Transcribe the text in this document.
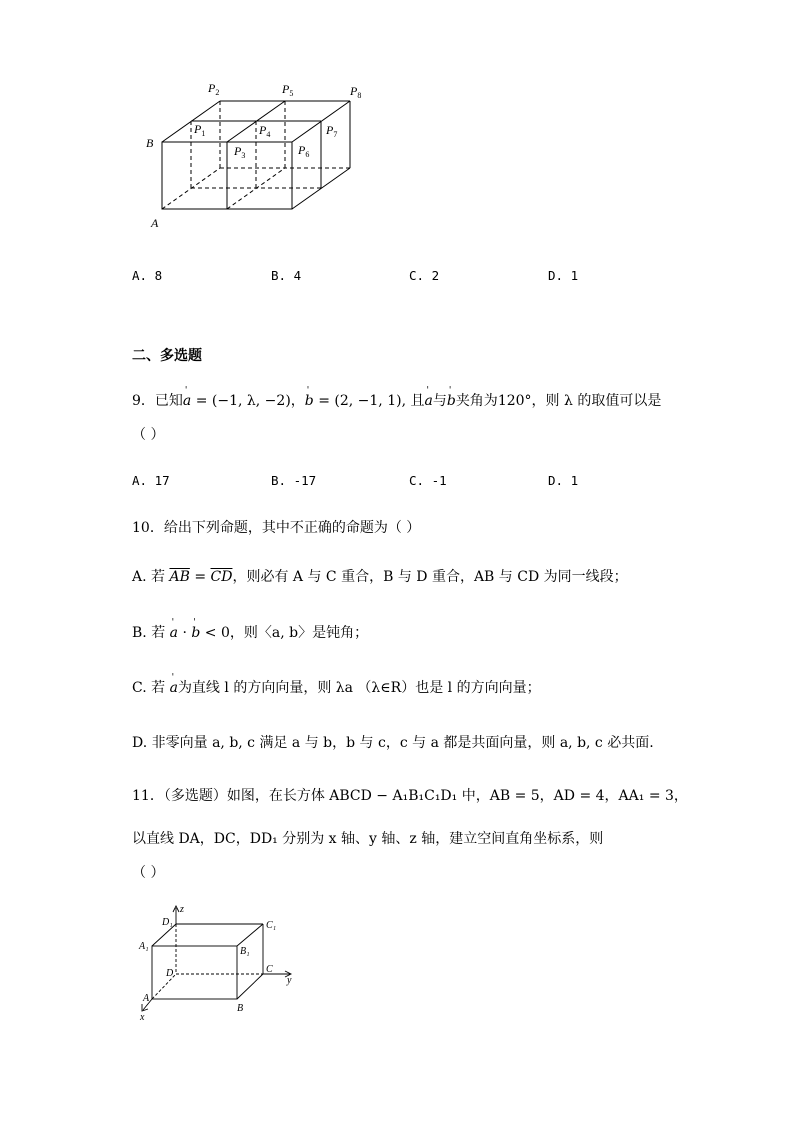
B
A
$P_2$	$P_5$	$P_8$
$P_1$	$P_4$	$P_7$
$P_3$	$P_6$
A. 8	B. 4	C. 2	D. 1
二、多选题
9．已知' a = (−1, λ, −2)，' b = (2, −1, 1), 且' a与' b夹角为120°，则 λ 的取值可以是
（ ）
A. 17	B. -17	C. -1	D. 1
10．给出下列命题，其中不正确的命题为（ ）
A. 若 $\overline{AB} = \overline{CD}$，则必有 A 与 C 重合，B 与 D 重合，AB 与 CD 为同一线段；
B. 若 ' a · ' b < 0，则〈a, b〉是钝角；
C. 若 ' a为直线 l 的方向向量，则 λa （λ∈R）也是 l 的方向向量；
D. 非零向量 a, b, c 满足 a 与 b，b 与 c，c 与 a 都是共面向量，则 a, b, c 必共面.
11．（多选题）如图，在长方体 ABCD − A₁B₁C₁D₁ 中，AB = 5，AD = 4，AA₁ = 3，
以直线 DA，DC，DD₁ 分别为 x 轴、y 轴、z 轴，建立空间直角坐标系，则
（ ）
z
y
x
D₁	C₁
A₁	B₁
D	C
A
B
